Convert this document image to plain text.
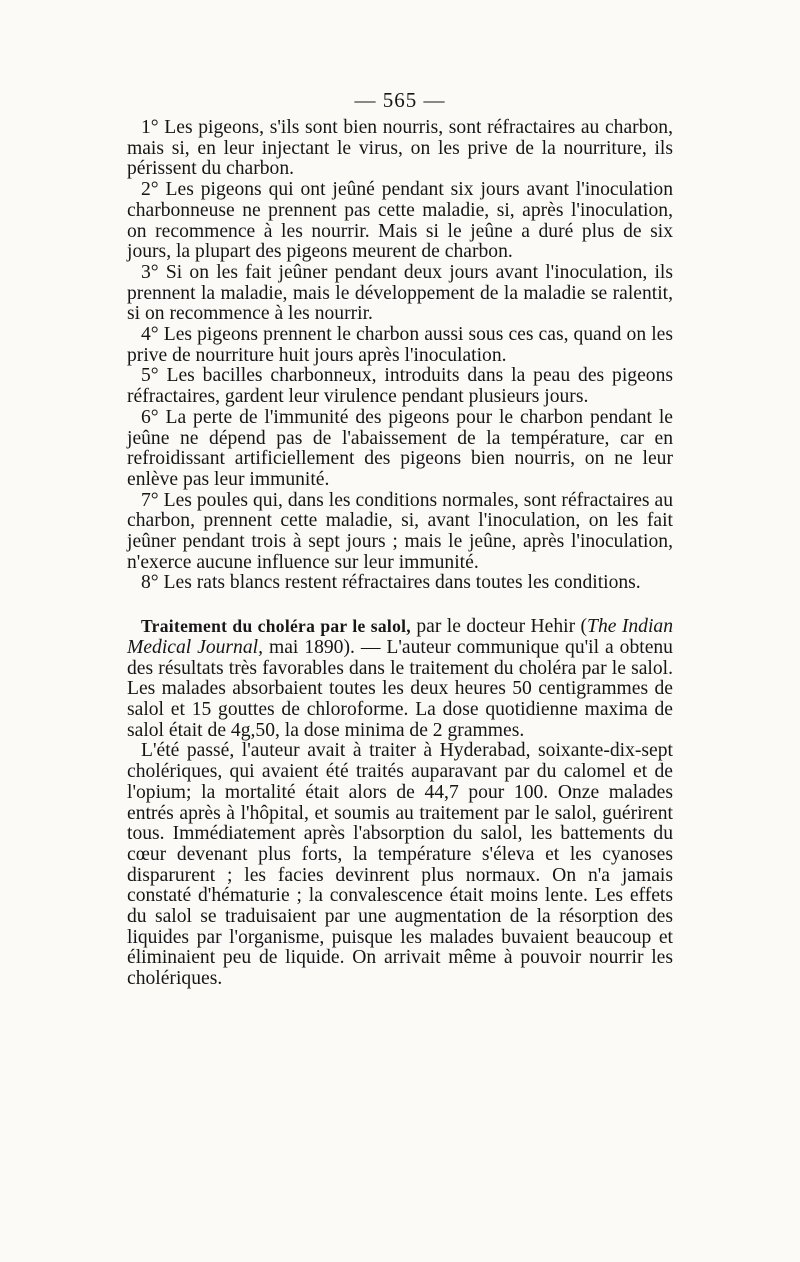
— 565 —

1° Les pigeons, s'ils sont bien nourris, sont réfractaires au charbon, mais si, en leur injectant le virus, on les prive de la nourriture, ils périssent du charbon.

2° Les pigeons qui ont jeûné pendant six jours avant l'inoculation charbonneuse ne prennent pas cette maladie, si, après l'inoculation, on recommence à les nourrir. Mais si le jeûne a duré plus de six jours, la plupart des pigeons meurent de charbon.

3° Si on les fait jeûner pendant deux jours avant l'inoculation, ils prennent la maladie, mais le développement de la maladie se ralentit, si on recommence à les nourrir.

4° Les pigeons prennent le charbon aussi sous ces cas, quand on les prive de nourriture huit jours après l'inoculation.

5° Les bacilles charbonneux, introduits dans la peau des pigeons réfractaires, gardent leur virulence pendant plusieurs jours.

6° La perte de l'immunité des pigeons pour le charbon pendant le jeûne ne dépend pas de l'abaissement de la température, car en refroidissant artificiellement des pigeons bien nourris, on ne leur enlève pas leur immunité.

7° Les poules qui, dans les conditions normales, sont réfractaires au charbon, prennent cette maladie, si, avant l'inoculation, on les fait jeûner pendant trois à sept jours ; mais le jeûne, après l'inoculation, n'exerce aucune influence sur leur immunité.

8° Les rats blancs restent réfractaires dans toutes les conditions.

Traitement du choléra par le salol, par le docteur Hehir (The Indian Medical Journal, mai 1890). — L'auteur communique qu'il a obtenu des résultats très favorables dans le traitement du choléra par le salol. Les malades absorbaient toutes les deux heures 50 centigrammes de salol et 15 gouttes de chloroforme. La dose quotidienne maxima de salol était de 4g,50, la dose minima de 2 grammes.

L'été passé, l'auteur avait à traiter à Hyderabad, soixante-dix-sept cholériques, qui avaient été traités auparavant par du calomel et de l'opium; la mortalité était alors de 44,7 pour 100. Onze malades entrés après à l'hôpital, et soumis au traitement par le salol, guérirent tous. Immédiatement après l'absorption du salol, les battements du cœur devenant plus forts, la température s'éleva et les cyanoses disparurent ; les facies devinrent plus normaux. On n'a jamais constaté d'hématurie ; la convalescence était moins lente. Les effets du salol se traduisaient par une augmentation de la résorption des liquides par l'organisme, puisque les malades buvaient beaucoup et éliminaient peu de liquide. On arrivait même à pouvoir nourrir les cholériques.
